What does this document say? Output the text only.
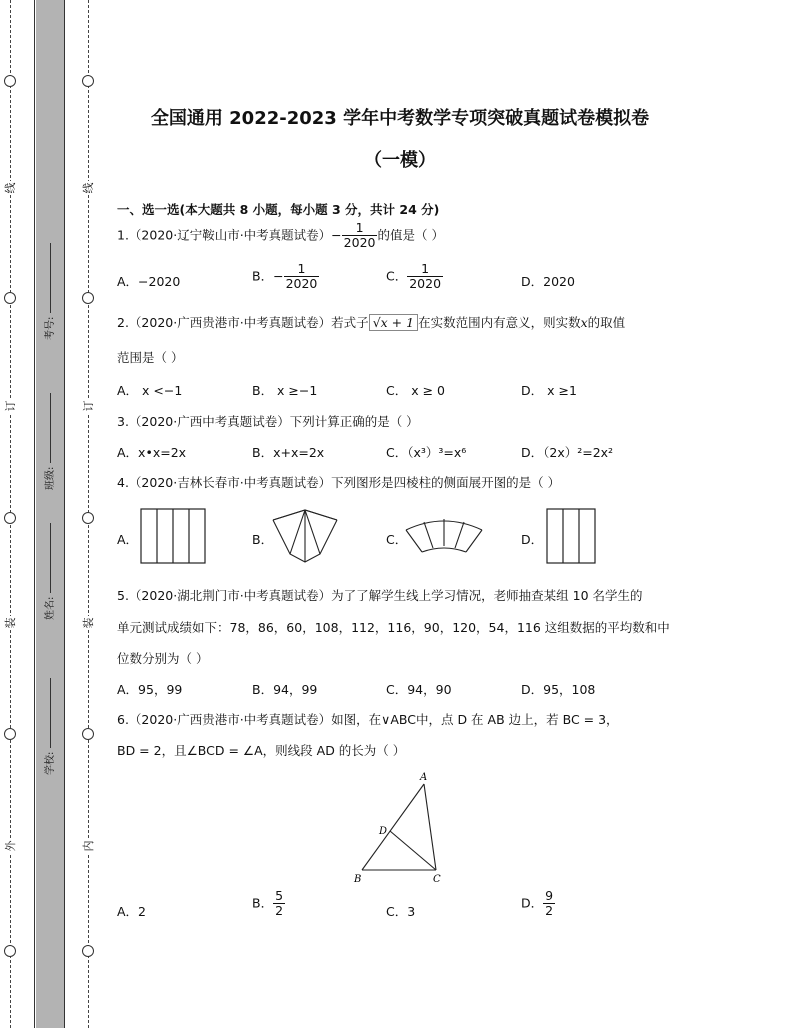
线
订
装
外
线
订
装
内
考号:
班级:
姓名:
学校:
全国通用 2022-2023 学年中考数学专项突破真题试卷模拟卷
（一模）
一、选一选(本大题共 8 小题，每小题 3 分，共计 24 分)
1.（2020·辽宁鞍山市·中考真题试卷）− $\frac{1}{2020}$ 的值是（ ）
A．−2020	B．− $\frac{1}{2020}$	C． $\frac{1}{2020}$	D．2020
2.（2020·广西贵港市·中考真题试卷）若式子 √x + 1 在实数范围内有意义，则实数x的取值
范围是（ ）
A． x <−1	B． x ≥−1	C． x ≥ 0	D． x ≥1
3.（2020·广西中考真题试卷）下列计算正确的是（ ）
A．x•x=2x	B．x+x=2x	C．（x³）³=x⁶	D．（2x）²=2x²
4.（2020·吉林长春市·中考真题试卷）下列图形是四棱柱的侧面展开图的是（ ）
A．	B．	C．	D．
5.（2020·湖北荆门市·中考真题试卷）为了了解学生线上学习情况，老师抽查某组 10 名学生的
单元测试成绩如下：78，86，60，108，112，116，90，120，54，116 这组数据的平均数和中
位数分别为（ ）
A．95，99	B．94，99	C．94，90	D．95，108
6.（2020·广西贵港市·中考真题试卷）如图，在∨ABC中，点 D 在 AB 边上，若 BC = 3，
BD = 2，且∠BCD = ∠A，则线段 AD 的长为（ ）
A
D
B	C
A．2
B． $\frac{5}{2}$	C．3
D． $\frac{9}{2}$
